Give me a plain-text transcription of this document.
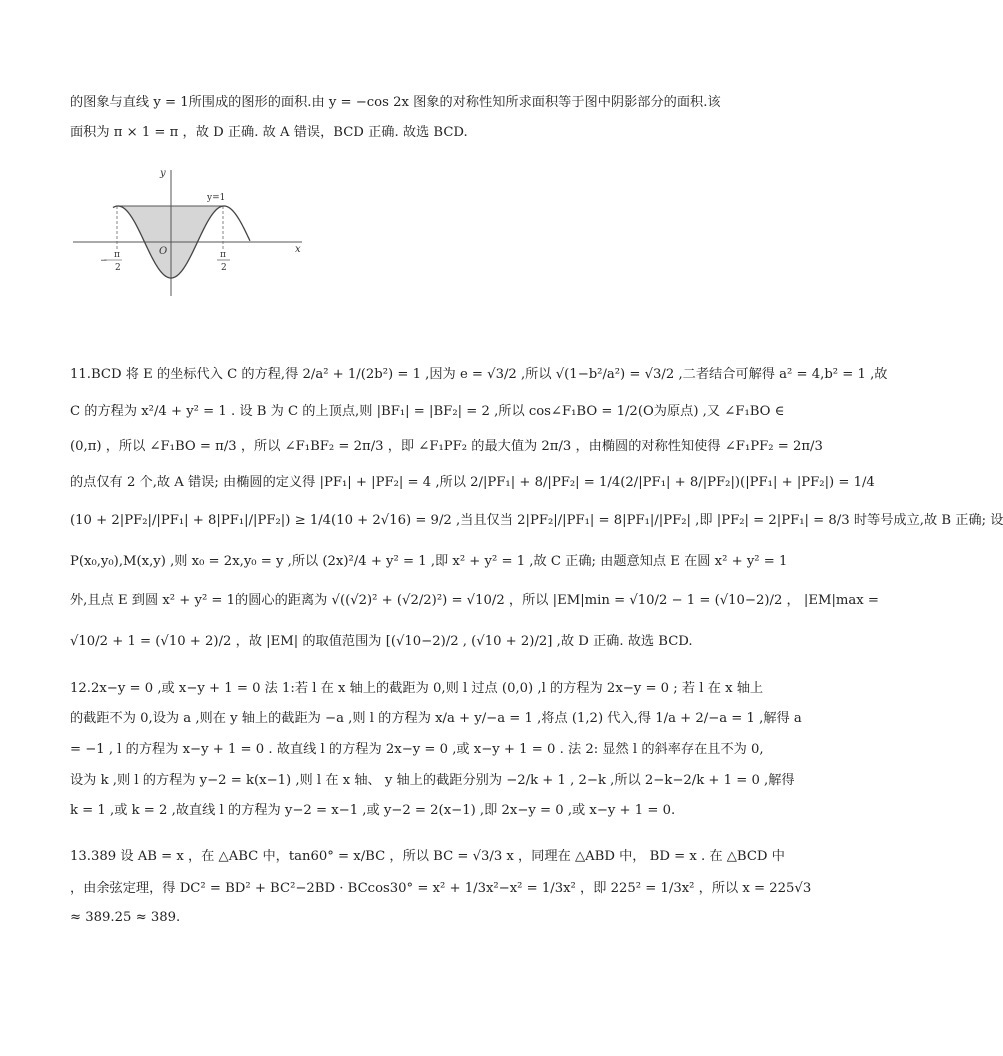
的图象与直线 y = 1所围成的图形的面积.由 y = −cos 2x 图象的对称性知所求面积等于图中阴影部分的面积.该
面积为 π × 1 = π ，故 D 正确. 故 A 错误，BCD 正确. 故选 BCD.
11.BCD 将 E 的坐标代入 C 的方程,得 2/a² + 1/(2b²) = 1 ,因为 e = √3/2 ,所以 √(1−b²/a²) = √3/2 ,二者结合可解得 a² = 4,b² = 1 ,故
C 的方程为 x²/4 + y² = 1 . 设 B 为 C 的上顶点,则 |BF₁| = |BF₂| = 2 ,所以 cos∠F₁BO = 1/2(O为原点) ,又 ∠F₁BO ∈
(0,π) ，所以 ∠F₁BO = π/3 ，所以 ∠F₁BF₂ = 2π/3 ，即 ∠F₁PF₂ 的最大值为 2π/3 ，由椭圆的对称性知使得 ∠F₁PF₂ = 2π/3
的点仅有 2 个,故 A 错误; 由椭圆的定义得 |PF₁| + |PF₂| = 4 ,所以 2/|PF₁| + 8/|PF₂| = 1/4(2/|PF₁| + 8/|PF₂|)(|PF₁| + |PF₂|) = 1/4
(10 + 2|PF₂|/|PF₁| + 8|PF₁|/|PF₂|) ≥ 1/4(10 + 2√16) = 9/2 ,当且仅当 2|PF₂|/|PF₁| = 8|PF₁|/|PF₂| ,即 |PF₂| = 2|PF₁| = 8/3 时等号成立,故 B 正确; 设
P(x₀,y₀),M(x,y) ,则 x₀ = 2x,y₀ = y ,所以 (2x)²/4 + y² = 1 ,即 x² + y² = 1 ,故 C 正确; 由题意知点 E 在圆 x² + y² = 1
外,且点 E 到圆 x² + y² = 1的圆心的距离为 √((√2)² + (√2/2)²) = √10/2 ，所以 |EM|min = √10/2 − 1 = (√10−2)/2 ， |EM|max =
√10/2 + 1 = (√10 + 2)/2 ，故 |EM| 的取值范围为 [(√10−2)/2 , (√10 + 2)/2] ,故 D 正确. 故选 BCD.
12.2x−y = 0 ,或 x−y + 1 = 0 法 1:若 l 在 x 轴上的截距为 0,则 l 过点 (0,0) ,l 的方程为 2x−y = 0 ; 若 l 在 x 轴上
的截距不为 0,设为 a ,则在 y 轴上的截距为 −a ,则 l 的方程为 x/a + y/−a = 1 ,将点 (1,2) 代入,得 1/a + 2/−a = 1 ,解得 a
= −1 , l 的方程为 x−y + 1 = 0 . 故直线 l 的方程为 2x−y = 0 ,或 x−y + 1 = 0 . 法 2: 显然 l 的斜率存在且不为 0,
设为 k ,则 l 的方程为 y−2 = k(x−1) ,则 l 在 x 轴、 y 轴上的截距分别为 −2/k + 1 , 2−k ,所以 2−k−2/k + 1 = 0 ,解得
k = 1 ,或 k = 2 ,故直线 l 的方程为 y−2 = x−1 ,或 y−2 = 2(x−1) ,即 2x−y = 0 ,或 x−y + 1 = 0.
13.389 设 AB = x ，在 △ABC 中，tan60° = x/BC ，所以 BC = √3/3 x ，同理在 △ABD 中， BD = x . 在 △BCD 中
，由余弦定理，得 DC² = BD² + BC²−2BD · BCcos30° = x² + 1/3x²−x² = 1/3x² ，即 225² = 1/3x² ，所以 x = 225√3
≈ 389.25 ≈ 389.
y
x
O
y=1
π
−
2
π
2
